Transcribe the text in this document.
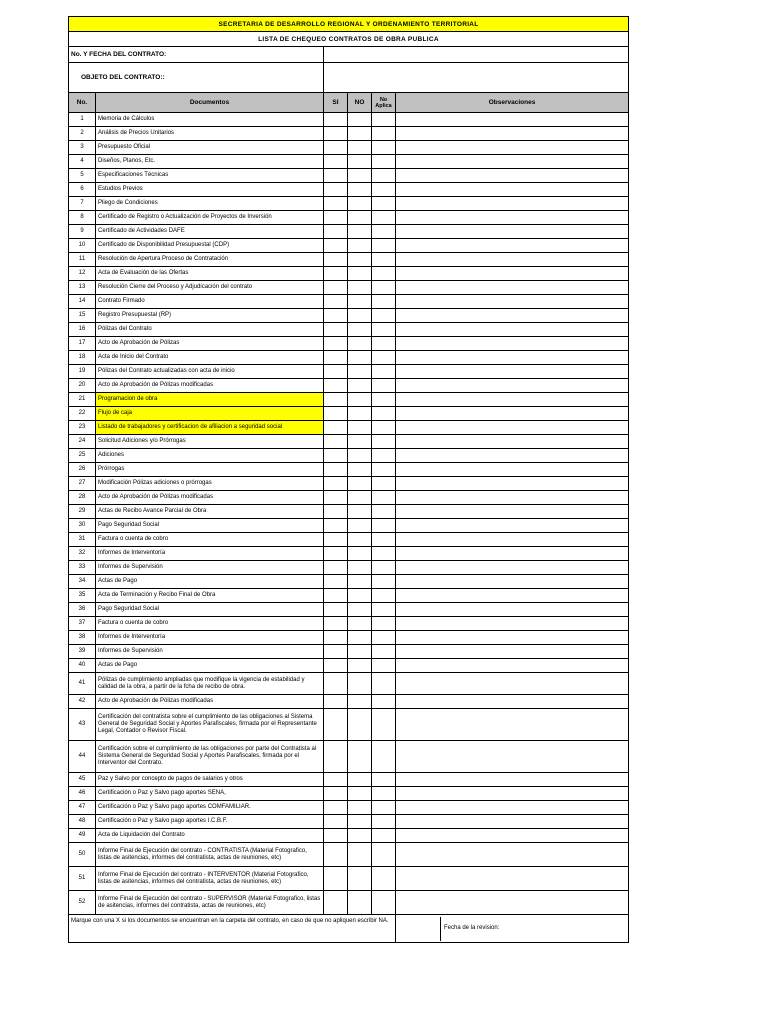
SECRETARIA DE DESARROLLO REGIONAL Y ORDENAMIENTO TERRITORIAL					
LISTA DE CHEQUEO CONTRATOS DE OBRA PUBLICA					
No. Y FECHA DEL CONTRATO:					
OBJETO DEL CONTRATO::					
No.	Documentos	SI	NO	No Aplica	Observaciones
1	Memoria de Cálculos				
2	Análisis de Precios Unitarios				
3	Presupuesto Oficial				
4	Diseños, Planos, Etc.				
5	Especificaciones Técnicas				
6	Estudios Previos				
7	Pliego de Condiciones				
8	Certificado de Registro o Actualización de Proyectos de Inversión				
9	Certificado de Actividades DAFE				
10	Certificado de Disponibilidad Presupuestal (CDP)				
11	Resolución de Apertura Proceso de Contratación				
12	Acta de Evaluación de las Ofertas				
13	Resolución Cierre del Proceso y Adjudicación del contrato				
14	Contrato Firmado				
15	Registro Presupuestal (RP)				
16	Pólizas del Contrato				
17	Acto de Aprobación de Pólizas				
18	Acta de Inicio del Contrato				
19	Pólizas del Contrato actualizadas con acta de inicio				
20	Acto de Aprobación de Pólizas modificadas				
21	Programacion de obra				
22	Flujo de caja				
23	Listado de trabajadores y certificacion de afiliacion a seguridad social				
24	Solicitud Adiciones y/o Prórrogas				
25	Adiciones				
26	Prórrogas				
27	Modificación Pólizas adiciones o prórrogas				
28	Acto de Aprobación de Pólizas modificadas				
29	Actas de Recibo Avance Parcial de Obra				
30	Pago Seguridad Social				
31	Factura o cuenta de cobro				
32	Informes de Interventoría				
33	Informes de Supervisión				
34	Actas de Pago				
35	Acta de Terminación y Recibo Final de Obra				
36	Pago Seguridad Social				
37	Factura o cuenta de cobro				
38	Informes de Interventoría				
39	Informes de Supervisión				
40	Actas de Pago				
41	Pólizas de cumplimiento ampliadas que modifique la vigencia de estabilidad y calidad de la obra, a partir de la fcha de recibo de obra.				
42	Acto de Aprobación de Pólizas modificadas				
43	Certificación del contratista sobre el cumplimiento de las obligaciones al Sistema General de Seguridad Social y Aportes Parafiscales, firmada por el Representante Legal, Contador o Revisor Fiscal.				
44	Certificación sobre el cumplimiento de las obligaciones por parte del Contratista al Sistema General de Seguridad Social y Aportes Parafiscales, firmada por el Interventor del Contrato.				
45	Paz y Salvo por concepto de pagos de salarios y otros				
46	Certificación o Paz y Salvo pago aportes SENA,				
47	Certificación o Paz y Salvo pago aportes COMFAMILIAR.				
48	Certificación o Paz y Salvo pago aportes I.C.B.F.				
49	Acta de Liquidación del Contrato				
50	Informe Final de Ejecución del contrato - CONTRATISTA (Material Fotografico, listas de asitencias, informes del contratista, actas de reuniones, etc)				
51	Informe Final de Ejecución del contrato - INTERVENTOR (Material Fotografico, listas de asitencias, informes del contratista, actas de reuniones, etc)				
52	Informe Final de Ejecución del contrato - SUPERVISOR (Material Fotografico, listas de asitencias, informes del contratista, actas de reuniones, etc)				
Marque con una X si los documentos se encuentran en la carpeta del contrato, en caso de que no apliquen escribir NA.					Fecha de la revision:
